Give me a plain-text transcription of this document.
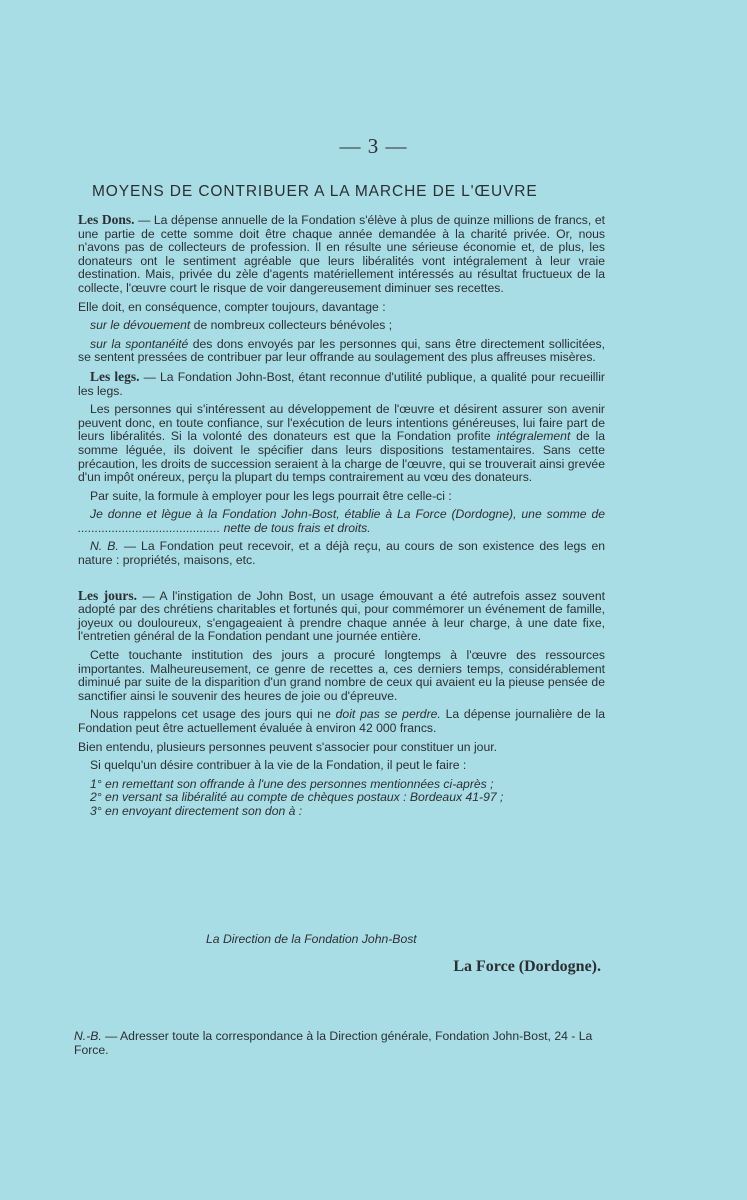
— 3 —
MOYENS DE CONTRIBUER A LA MARCHE DE L'ŒUVRE

Les Dons. — La dépense annuelle de la Fondation s'élève à plus de quinze millions de francs, et une partie de cette somme doit être chaque année demandée à la charité privée. Or, nous n'avons pas de collecteurs de profession. Il en résulte une sérieuse économie et, de plus, les donateurs ont le sentiment agréable que leurs libéralités vont intégralement à leur vraie destination. Mais, privée du zèle d'agents matériellement intéressés au résultat fructueux de la collecte, l'œuvre court le risque de voir dangereusement diminuer ses recettes.

Elle doit, en conséquence, compter toujours, davantage :

sur le dévouement de nombreux collecteurs bénévoles ;

sur la spontanéité des dons envoyés par les personnes qui, sans être directement sollicitées, se sentent pressées de contribuer par leur offrande au soulagement des plus affreuses misères.

Les legs. — La Fondation John-Bost, étant reconnue d'utilité publique, a qualité pour recueillir les legs.

Les personnes qui s'intéressent au développement de l'œuvre et désirent assurer son avenir peuvent donc, en toute confiance, sur l'exécution de leurs intentions généreuses, lui faire part de leurs libéralités. Si la volonté des donateurs est que la Fondation profite intégralement de la somme léguée, ils doivent le spécifier dans leurs dispositions testamentaires. Sans cette précaution, les droits de succession seraient à la charge de l'œuvre, qui se trouverait ainsi grevée d'un impôt onéreux, perçu la plupart du temps contrairement au vœu des donateurs.

Par suite, la formule à employer pour les legs pourrait être celle-ci :

Je donne et lègue à la Fondation John-Bost, établie à La Force (Dordogne), une somme de .......................................... nette de tous frais et droits.

N. B. — La Fondation peut recevoir, et a déjà reçu, au cours de son existence des legs en nature : propriétés, maisons, etc.

Les jours. — A l'instigation de John Bost, un usage émouvant a été autrefois assez souvent adopté par des chrétiens charitables et fortunés qui, pour commémorer un événement de famille, joyeux ou douloureux, s'engageaient à prendre chaque année à leur charge, à une date fixe, l'entretien général de la Fondation pendant une journée entière.

Cette touchante institution des jours a procuré longtemps à l'œuvre des ressources importantes. Malheureusement, ce genre de recettes a, ces derniers temps, considérablement diminué par suite de la disparition d'un grand nombre de ceux qui avaient eu la pieuse pensée de sanctifier ainsi le souvenir des heures de joie ou d'épreuve.

Nous rappelons cet usage des jours qui ne doit pas se perdre. La dépense journalière de la Fondation peut être actuellement évaluée à environ 42 000 francs.

Bien entendu, plusieurs personnes peuvent s'associer pour constituer un jour.

Si quelqu'un désire contribuer à la vie de la Fondation, il peut le faire :

1° en remettant son offrande à l'une des personnes mentionnées ci-après ;
2° en versant sa libéralité au compte de chèques postaux : Bordeaux 41-97 ;
3° en envoyant directement son don à :
La Direction de la Fondation John-Bost
La Force (Dordogne).
N.-B. — Adresser toute la correspondance à la Direction générale, Fondation John-Bost, 24 - La Force.
